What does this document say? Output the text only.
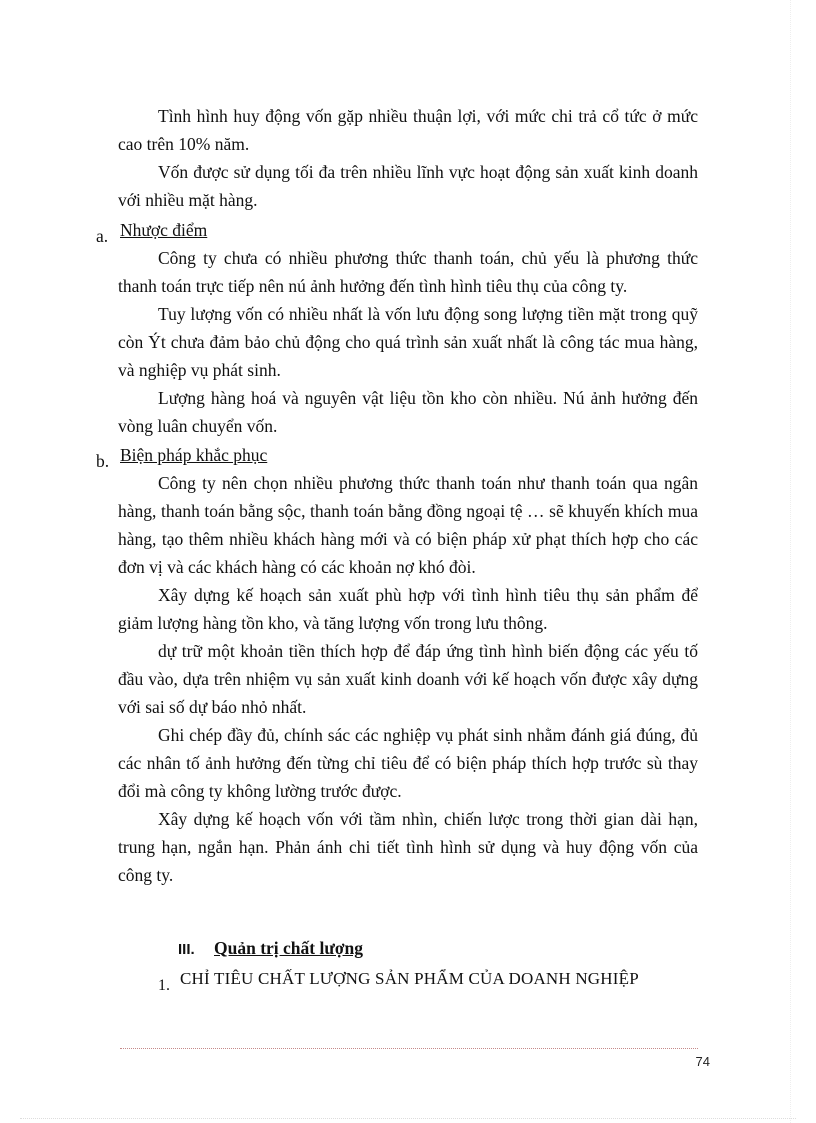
Tình hình huy động vốn gặp nhiều thuận lợi, với mức chi trả cổ tức ở mức cao trên 10% năm.

Vốn được sử dụng tối đa trên nhiều lĩnh vực hoạt động sản xuất kinh doanh với nhiều mặt hàng.

a. Nhược điểm

Công ty chưa có nhiều phương thức thanh toán, chủ yếu là phương thức thanh toán trực tiếp nên nú ảnh hưởng đến tình hình tiêu thụ của công ty.

Tuy lượng vốn có nhiều nhất là vốn lưu động song lượng tiền mặt trong quỹ còn Ýt chưa đảm bảo chủ động cho quá trình sản xuất nhất là công tác mua hàng, và nghiệp vụ phát sinh.

Lượng hàng hoá và nguyên vật liệu tồn kho còn nhiều. Nú ảnh hưởng đến vòng luân chuyển vốn.

b. Biện pháp khắc phục

Công ty nên chọn nhiều phương thức thanh toán như thanh toán qua ngân hàng, thanh toán bằng sộc, thanh toán bằng đồng ngoại tệ … sẽ khuyến khích mua hàng, tạo thêm nhiều khách hàng mới và có biện pháp xử phạt thích hợp cho các đơn vị và các khách hàng có các khoản nợ khó đòi.

Xây dựng kế hoạch sản xuất phù hợp với tình hình tiêu thụ sản phẩm để giảm lượng hàng tồn kho, và tăng lượng vốn trong lưu thông.

dự trữ một khoản tiền thích hợp để đáp ứng tình hình biến động các yếu tố đầu vào, dựa trên nhiệm vụ sản xuất kinh doanh với kế hoạch vốn được xây dựng với sai số dự báo nhỏ nhất.

Ghi chép đầy đủ, chính sác các nghiệp vụ phát sinh nhằm đánh giá đúng, đủ các nhân tố ảnh hưởng đến từng chỉ tiêu để có biện pháp thích hợp trước sù thay đổi mà công ty không lường trước được.

Xây dựng kế hoạch vốn với tầm nhìn, chiến lược trong thời gian dài hạn, trung hạn, ngắn hạn. Phản ánh chi tiết tình hình sử dụng và huy động vốn của công ty.

III. Quản trị chất lượng
1. CHỈ TIÊU CHẤT LƯỢNG SẢN PHẨM CỦA DOANH NGHIỆP
74
